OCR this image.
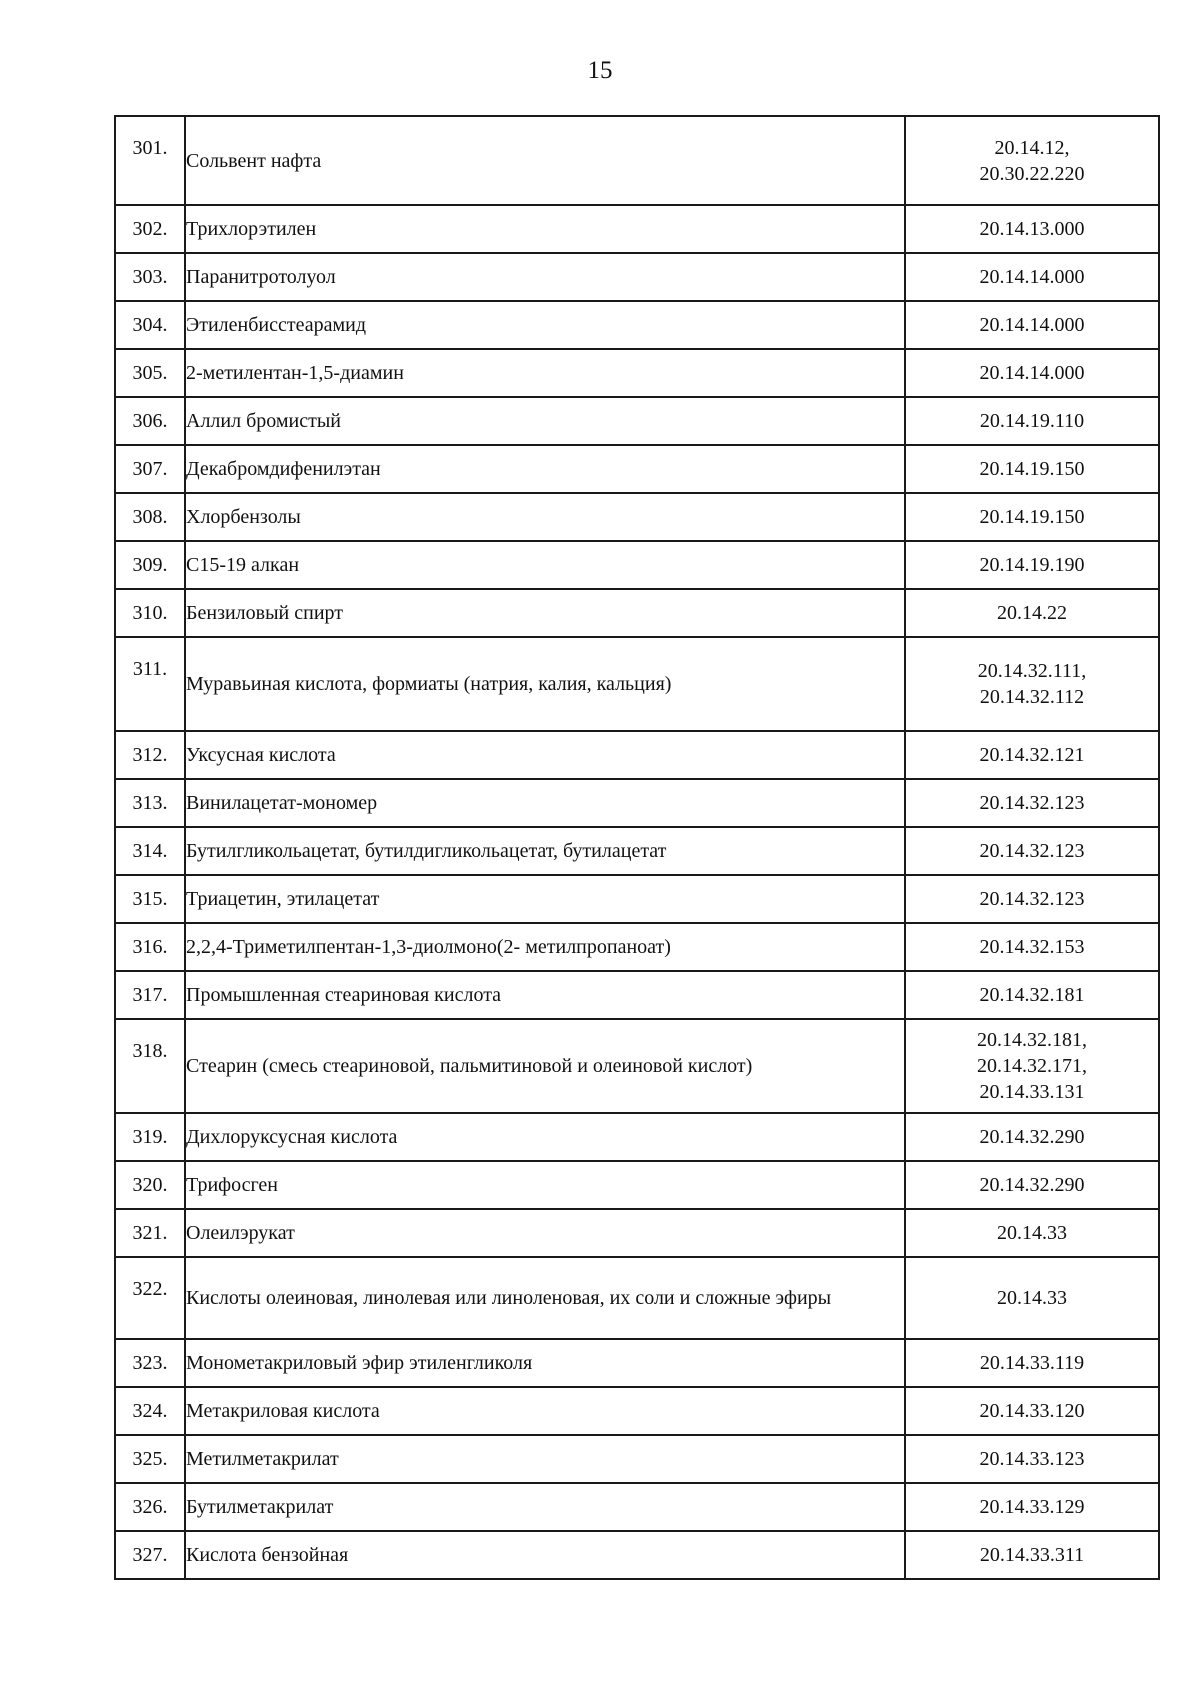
15
301.	Сольвент нафта	20.14.12,
20.30.22.220

302.	Трихлорэтилен	20.14.13.000

303.	Паранитротолуол	20.14.14.000

304.	Этиленбисстеарамид	20.14.14.000

305.	2-метилентан-1,5-диамин	20.14.14.000

306.	Аллил бромистый	20.14.19.110

307.	Декабромдифенилэтан	20.14.19.150

308.	Хлорбензолы	20.14.19.150

309.	С15-19 алкан	20.14.19.190

310.	Бензиловый спирт	20.14.22

311.	Муравьиная кислота, формиаты (натрия, калия, кальция)	20.14.32.111,
20.14.32.112

312.	Уксусная кислота	20.14.32.121

313.	Винилацетат-мономер	20.14.32.123

314.	Бутилгликольацетат, бутилдигликольацетат, бутилацетат	20.14.32.123

315.	Триацетин, этилацетат	20.14.32.123

316.	2,2,4-Триметилпентан-1,3-диолмоно(2- метилпропаноат)	20.14.32.153

317.	Промышленная стеариновая кислота	20.14.32.181

318.	Стеарин (смесь стеариновой, пальмитиновой и олеиновой кислот)	20.14.32.181,
20.14.32.171,
20.14.33.131

319.	Дихлоруксусная кислота	20.14.32.290

320.	Трифосген	20.14.32.290

321.	Олеилэрукат	20.14.33

322.	Кислоты олеиновая, линолевая или линоленовая, их соли и сложные эфиры	20.14.33

323.	Монометакриловый эфир этиленгликоля	20.14.33.119

324.	Метакриловая кислота	20.14.33.120

325.	Метилметакрилат	20.14.33.123

326.	Бутилметакрилат	20.14.33.129

327.	Кислота бензойная	20.14.33.311
